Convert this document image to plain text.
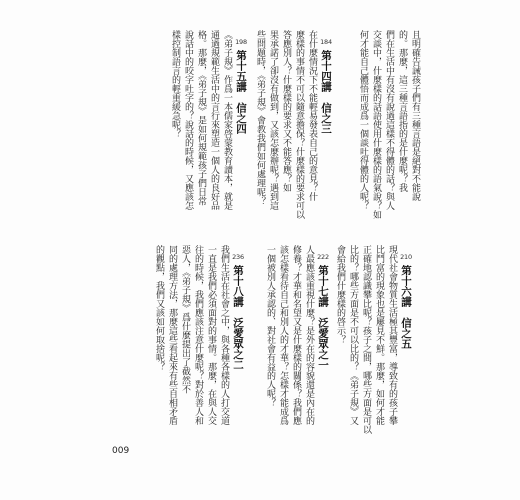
且明確告誡孩子們有三種言語是絕對不能說
的。那麼，這三種言語指的是什麼呢？我
們在生活中有沒有說過這樣不得體的話？與人
交談中，什麼樣的話語使用什麼樣的語氣說？如
何才能自己體悟而成爲一個談吐得體的人呢？
184
第十四講　信之三
在什麼情況下不能輕易發表自己的意見？什
麼樣的事情不可以隨意擔保？什麼樣的要求可以
答應別人？什麼樣的要求又不能答應？如
果承諾了卻沒有做到，又該怎麼辦呢？遇到這
些問題時，《弟子規》會教我們如何處理呢？
198
第十五講　信之四
《弟子規》作爲一本儒家啓蒙教育讀本，就是
通過規範生活中的言行來塑造一個人的良好品
格。那麼，《弟子規》是如何規範孩子們日常
說話中的咬字吐字的？說話的時候，又應該怎
樣控制語言的輕重緩急呢？
210
第十六講　信之五
現代社會物質生活極其豐富，導致有的孩子攀
比鬥富的現象也是屢見不鮮。那麼，如何才能
正確地認識攀比呢？孩子之間，哪些方面是可以
比的？哪些方面是不可以比的？《弟子規》又
會給我們什麼樣的啓示？
222
第十七講　泛愛眾之一
人最應該重視什麼？是外在的容貌還是內在的
修養？才華和名望又是什麼樣的關係？我們應
該怎樣看待自己和別人的才華？怎樣才能成爲
一個被別人承認的、對社會有益的人呢？
236
第十八講　泛愛眾之二
我們生活在社會之中，與各種各樣的人打交道
一直是我們必須面對的事情。那麼，在與人交
往的時候，我們應該注意什麼呢？對於善人和
惡人，《弟子規》爲什麼提出了截然不
同的處理方法，那麼這些看起來有些自相矛盾
的觀點，我們又該如何取捨呢？
009
